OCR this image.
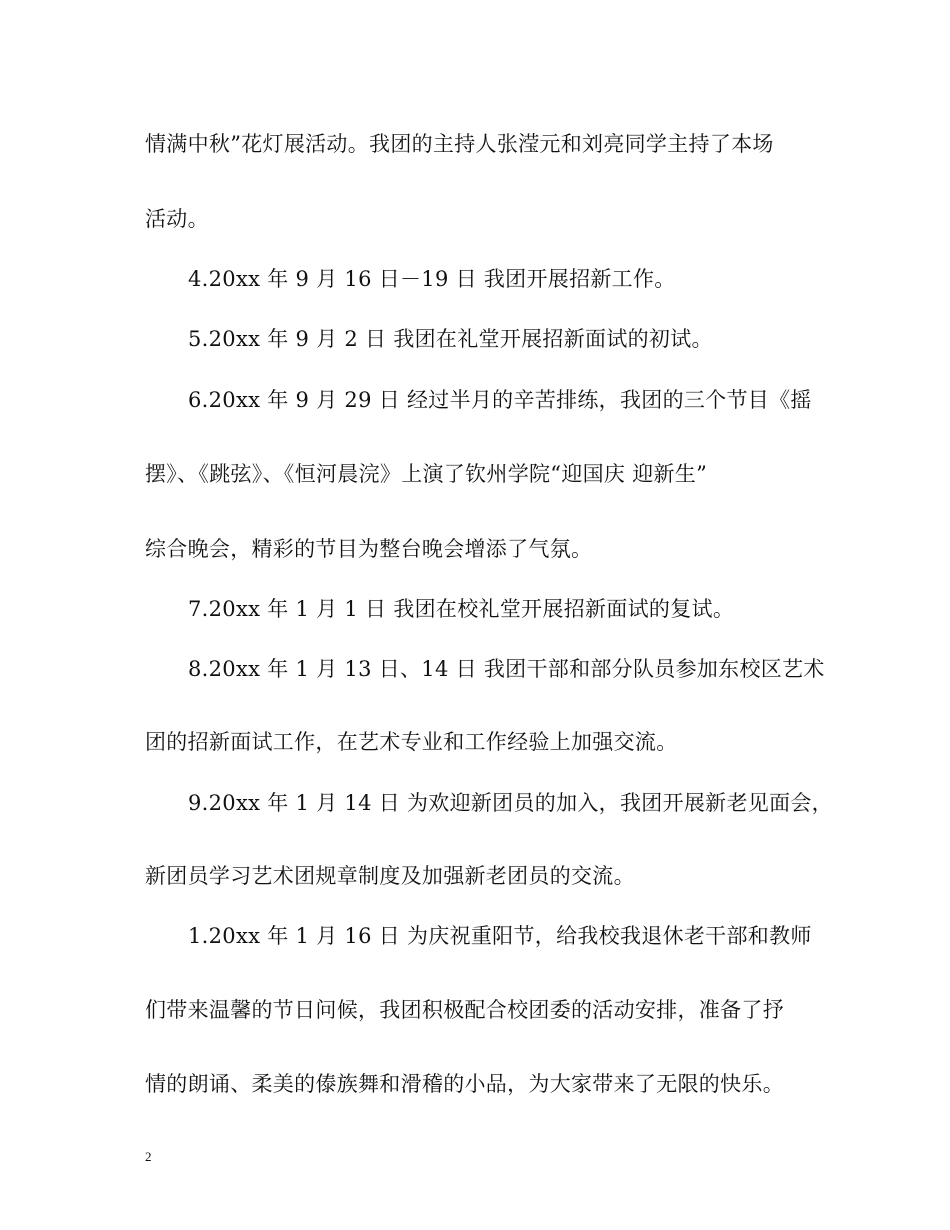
情满中秋”花灯展活动。我团的主持人张滢元和刘亮同学主持了本场
活动。
4.20xx 年 9 月 16 日－19 日 我团开展招新工作。
5.20xx 年 9 月 2 日 我团在礼堂开展招新面试的初试。
6.20xx 年 9 月 29 日 经过半月的辛苦排练，我团的三个节目《摇
摆》、《跳弦》、《恒河晨浣》上演了钦州学院“迎国庆 迎新生”
综合晚会，精彩的节目为整台晚会增添了气氛。
7.20xx 年 1 月 1 日 我团在校礼堂开展招新面试的复试。
8.20xx 年 1 月 13 日、14 日 我团干部和部分队员参加东校区艺术
团的招新面试工作，在艺术专业和工作经验上加强交流。
9.20xx 年 1 月 14 日 为欢迎新团员的加入，我团开展新老见面会，
新团员学习艺术团规章制度及加强新老团员的交流。
1.20xx 年 1 月 16 日 为庆祝重阳节，给我校我退休老干部和教师
们带来温馨的节日问候，我团积极配合校团委的活动安排，准备了抒
情的朗诵、柔美的傣族舞和滑稽的小品，为大家带来了无限的快乐。
2
